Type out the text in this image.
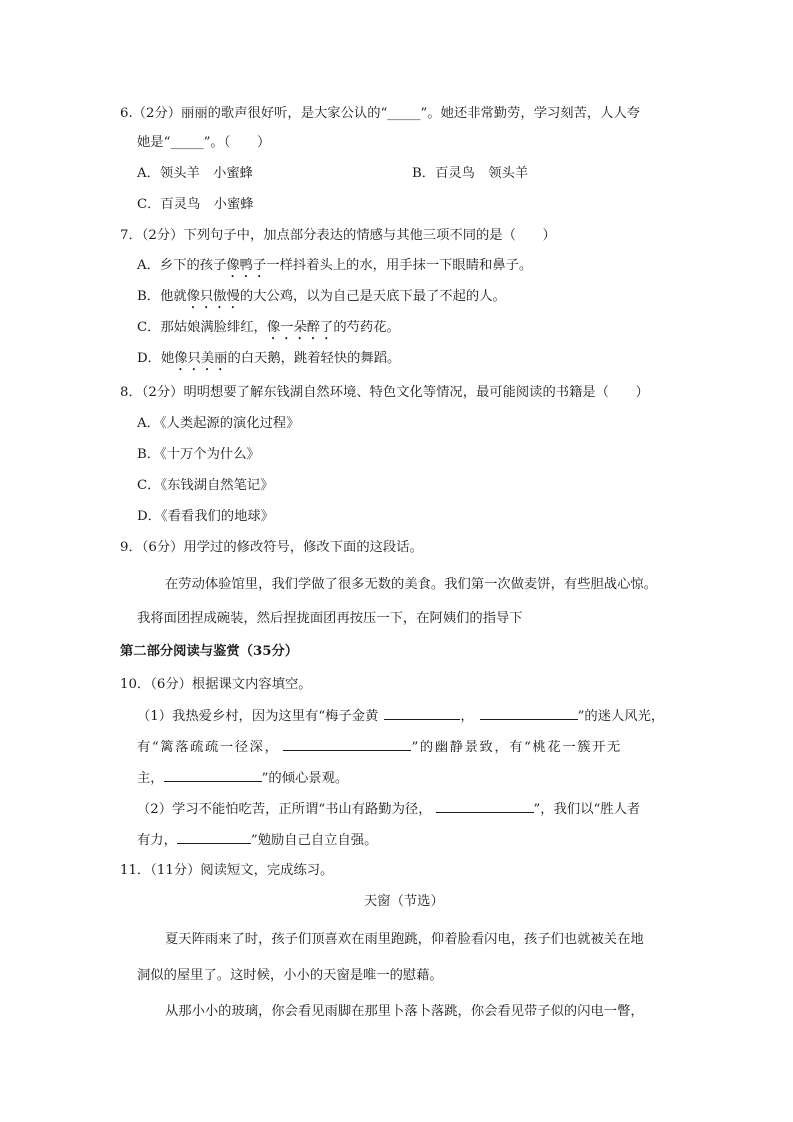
6.（2分）丽丽的歌声很好听，是大家公认的“_____”。她还非常勤劳，学习刻苦，人人夸
她是“_____”。（　　）
A．领头羊　小蜜蜂	B．百灵鸟　领头羊
C．百灵鸟　小蜜蜂
7．（2分）下列句子中，加点部分表达的情感与其他三项不同的是（　　）
A．乡下的孩子像鸭子一样抖着头上的水，用手抹一下眼睛和鼻子。
B．他就像只傲慢的大公鸡，以为自己是天底下最了不起的人。
C．那姑娘满脸绯红，像一朵醉了的芍药花。
D．她像只美丽的白天鹅，跳着轻快的舞蹈。
8．（2分）明明想要了解东钱湖自然环境、特色文化等情况，最可能阅读的书籍是（　　）
A．《人类起源的演化过程》
B．《十万个为什么》
C．《东钱湖自然笔记》
D．《看看我们的地球》
9．（6分）用学过的修改符号，修改下面的这段话。
在劳动体验馆里，我们学做了很多无数的美食。我们第一次做麦饼，有些胆战心惊。
我将面团捏成碗装，然后捏拢面团再按压一下，在阿姨们的指导下
第二部分阅读与鉴赏（35分）
10．（6分）根据课文内容填空。
（1）我热爱乡村，因为这里有“梅子金黄	，	”的迷人风光，
有“篱落疏疏一径深，	”的幽静景致，有“桃花一簇开无
主，	”的倾心景观。
（2）学习不能怕吃苦，正所谓“书山有路勤为径，	”，我们以“胜人者
有力，	”勉励自己自立自强。
11．（11分）阅读短文，完成练习。
天窗（节选）
夏天阵雨来了时，孩子们顶喜欢在雨里跑跳，仰着脸看闪电，孩子们也就被关在地
洞似的屋里了。这时候，小小的天窗是唯一的慰藉。
从那小小的玻璃，你会看见雨脚在那里卜落卜落跳，你会看见带子似的闪电一瞥，
